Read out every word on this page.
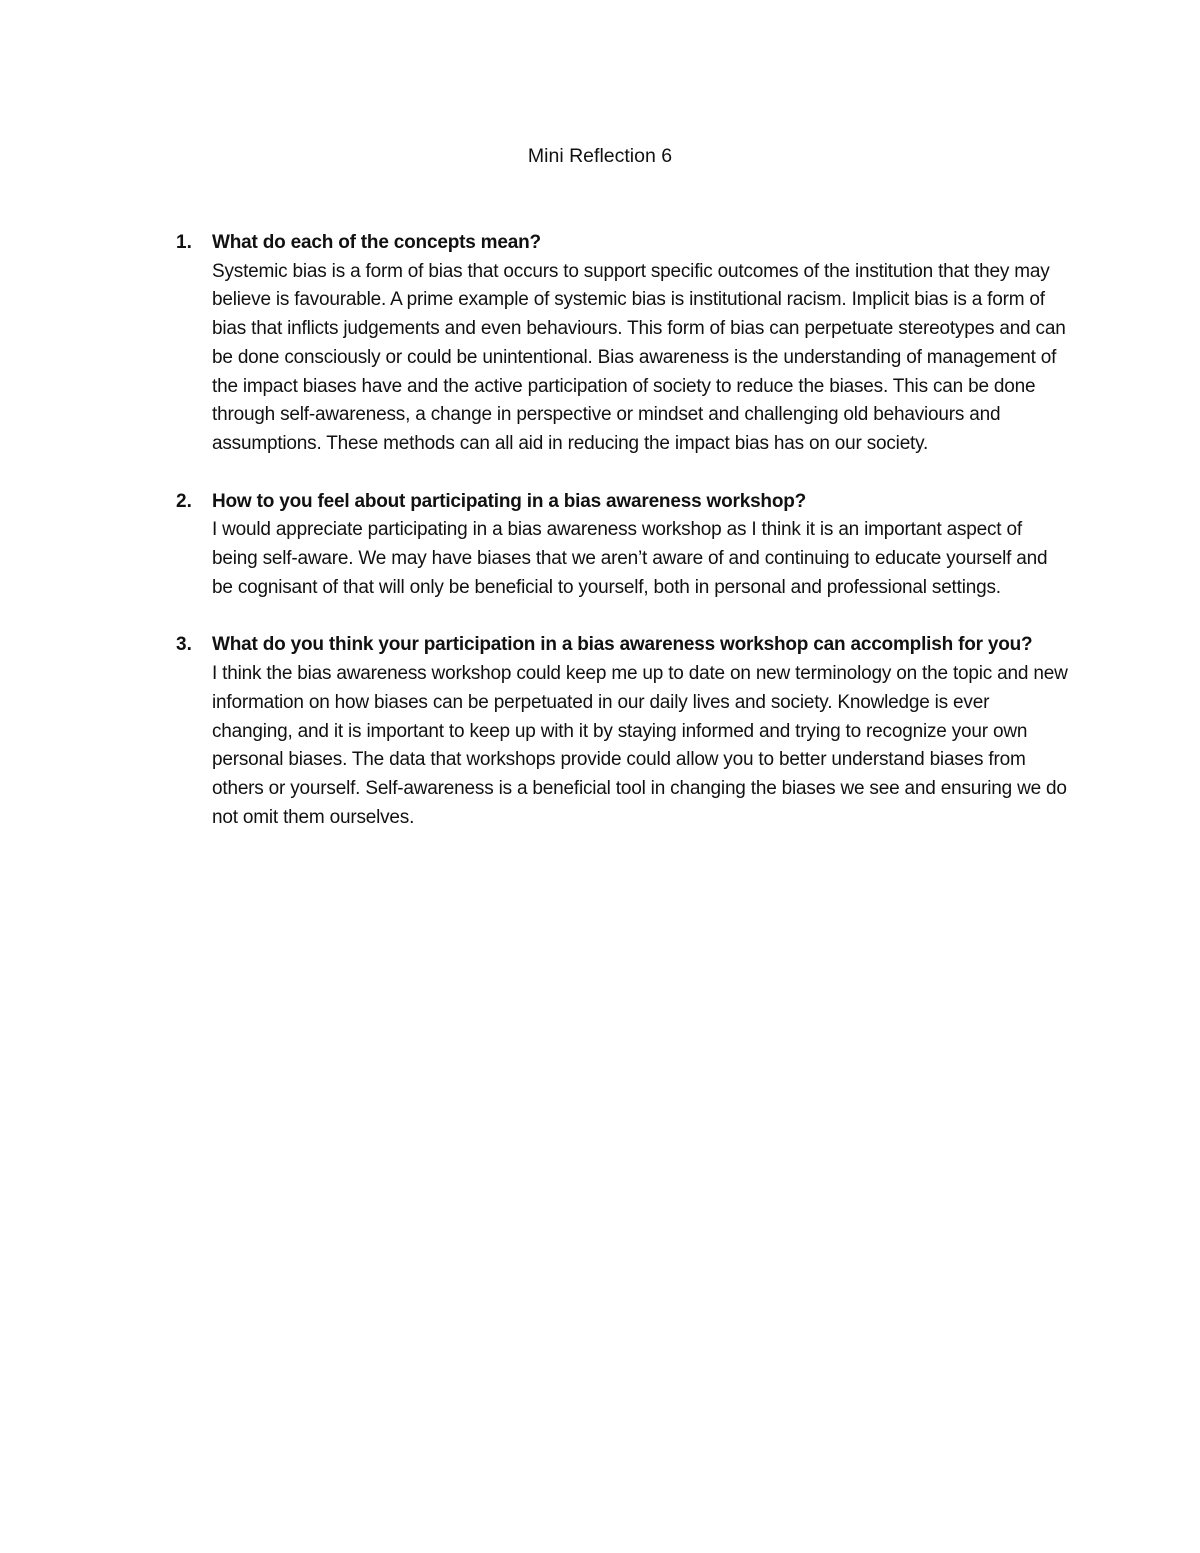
Mini Reflection 6
1. What do each of the concepts mean?

Systemic bias is a form of bias that occurs to support specific outcomes of the institution that they may believe is favourable. A prime example of systemic bias is institutional racism. Implicit bias is a form of bias that inflicts judgements and even behaviours. This form of bias can perpetuate stereotypes and can be done consciously or could be unintentional. Bias awareness is the understanding of management of the impact biases have and the active participation of society to reduce the biases. This can be done through self-awareness, a change in perspective or mindset and challenging old behaviours and assumptions. These methods can all aid in reducing the impact bias has on our society.

2. How to you feel about participating in a bias awareness workshop?

I would appreciate participating in a bias awareness workshop as I think it is an important aspect of being self-aware. We may have biases that we aren’t aware of and continuing to educate yourself and be cognisant of that will only be beneficial to yourself, both in personal and professional settings.

3. What do you think your participation in a bias awareness workshop can accomplish for you?

I think the bias awareness workshop could keep me up to date on new terminology on the topic and new information on how biases can be perpetuated in our daily lives and society. Knowledge is ever changing, and it is important to keep up with it by staying informed and trying to recognize your own personal biases. The data that workshops provide could allow you to better understand biases from others or yourself. Self-awareness is a beneficial tool in changing the biases we see and ensuring we do not omit them ourselves.
